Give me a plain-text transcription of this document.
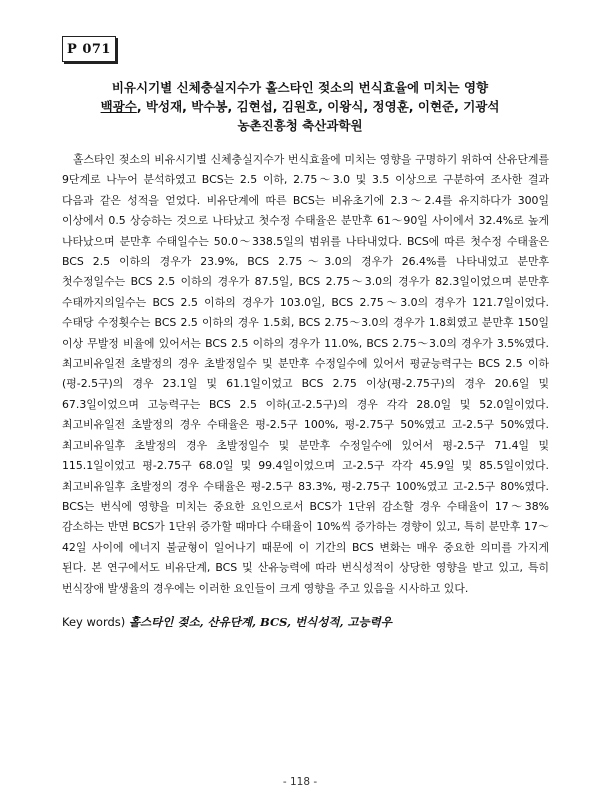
P 071
비유시기별 신체충실지수가 홀스타인 젖소의 번식효율에 미치는 영향
백광수, 박성재, 박수봉, 김현섭, 김원호, 이왕식, 정영훈, 이현준, 기광석
농촌진흥청 축산과학원

홀스타인 젖소의 비유시기별 신체충실지수가 번식효율에 미치는 영향을 구명하기 위하여 산유단계를 9단계로 나누어 분석하였고 BCS는 2.5 이하, 2.75～3.0 및 3.5 이상으로 구분하여 조사한 결과 다음과 같은 성적을 얻었다. 비유단계에 따른 BCS는 비유초기에 2.3～2.4를 유지하다가 300일 이상에서 0.5 상승하는 것으로 나타났고 첫수정 수태율은 분만후 61～90일 사이에서 32.4%로 높게 나타났으며 분만후 수태일수는 50.0～338.5일의 범위를 나타내었다. BCS에 따른 첫수정 수태율은 BCS 2.5 이하의 경우가 23.9%, BCS 2.75～3.0의 경우가 26.4%를 나타내었고 분만후 첫수정일수는 BCS 2.5 이하의 경우가 87.5일, BCS 2.75～3.0의 경우가 82.3일이었으며 분만후 수태까지의일수는 BCS 2.5 이하의 경우가 103.0일, BCS 2.75～3.0의 경우가 121.7일이었다. 수태당 수정횟수는 BCS 2.5 이하의 경우 1.5회, BCS 2.75～3.0의 경우가 1.8회였고 분만후 150일 이상 무발정 비율에 있어서는 BCS 2.5 이하의 경우가 11.0%, BCS 2.75～3.0의 경우가 3.5%였다. 최고비유일전 초발정의 경우 초발정일수 및 분만후 수정일수에 있어서 평균능력구는 BCS 2.5 이하(평-2.5구)의 경우 23.1일 및 61.1일이었고 BCS 2.75 이상(평-2.75구)의 경우 20.6일 및 67.3일이었으며 고능력구는 BCS 2.5 이하(고-2.5구)의 경우 각각 28.0일 및 52.0일이었다. 최고비유일전 초발정의 경우 수태율은 평-2.5구 100%, 평-2.75구 50%였고 고-2.5구 50%였다. 최고비유일후 초발정의 경우 초발정일수 및 분만후 수정일수에 있어서 평-2.5구 71.4일 및 115.1일이었고 평-2.75구 68.0일 및 99.4일이었으며 고-2.5구 각각 45.9일 및 85.5일이었다. 최고비유일후 초발정의 경우 수태율은 평-2.5구 83.3%, 평-2.75구 100%였고 고-2.5구 80%였다. BCS는 번식에 영향을 미치는 중요한 요인으로서 BCS가 1단위 감소할 경우 수태율이 17～38% 감소하는 반면 BCS가 1단위 증가할 때마다 수태율이 10%씩 증가하는 경향이 있고, 특히 분만후 17～42일 사이에 에너지 불균형이 일어나기 때문에 이 기간의 BCS 변화는 매우 중요한 의미를 가지게 된다. 본 연구에서도 비유단계, BCS 및 산유능력에 따라 번식성적이 상당한 영향을 받고 있고, 특히 번식장애 발생율의 경우에는 이러한 요인들이 크게 영향을 주고 있음을 시사하고 있다.

Key words) 홀스타인 젖소, 산유단계, BCS, 번식성적, 고능력우
- 118 -
